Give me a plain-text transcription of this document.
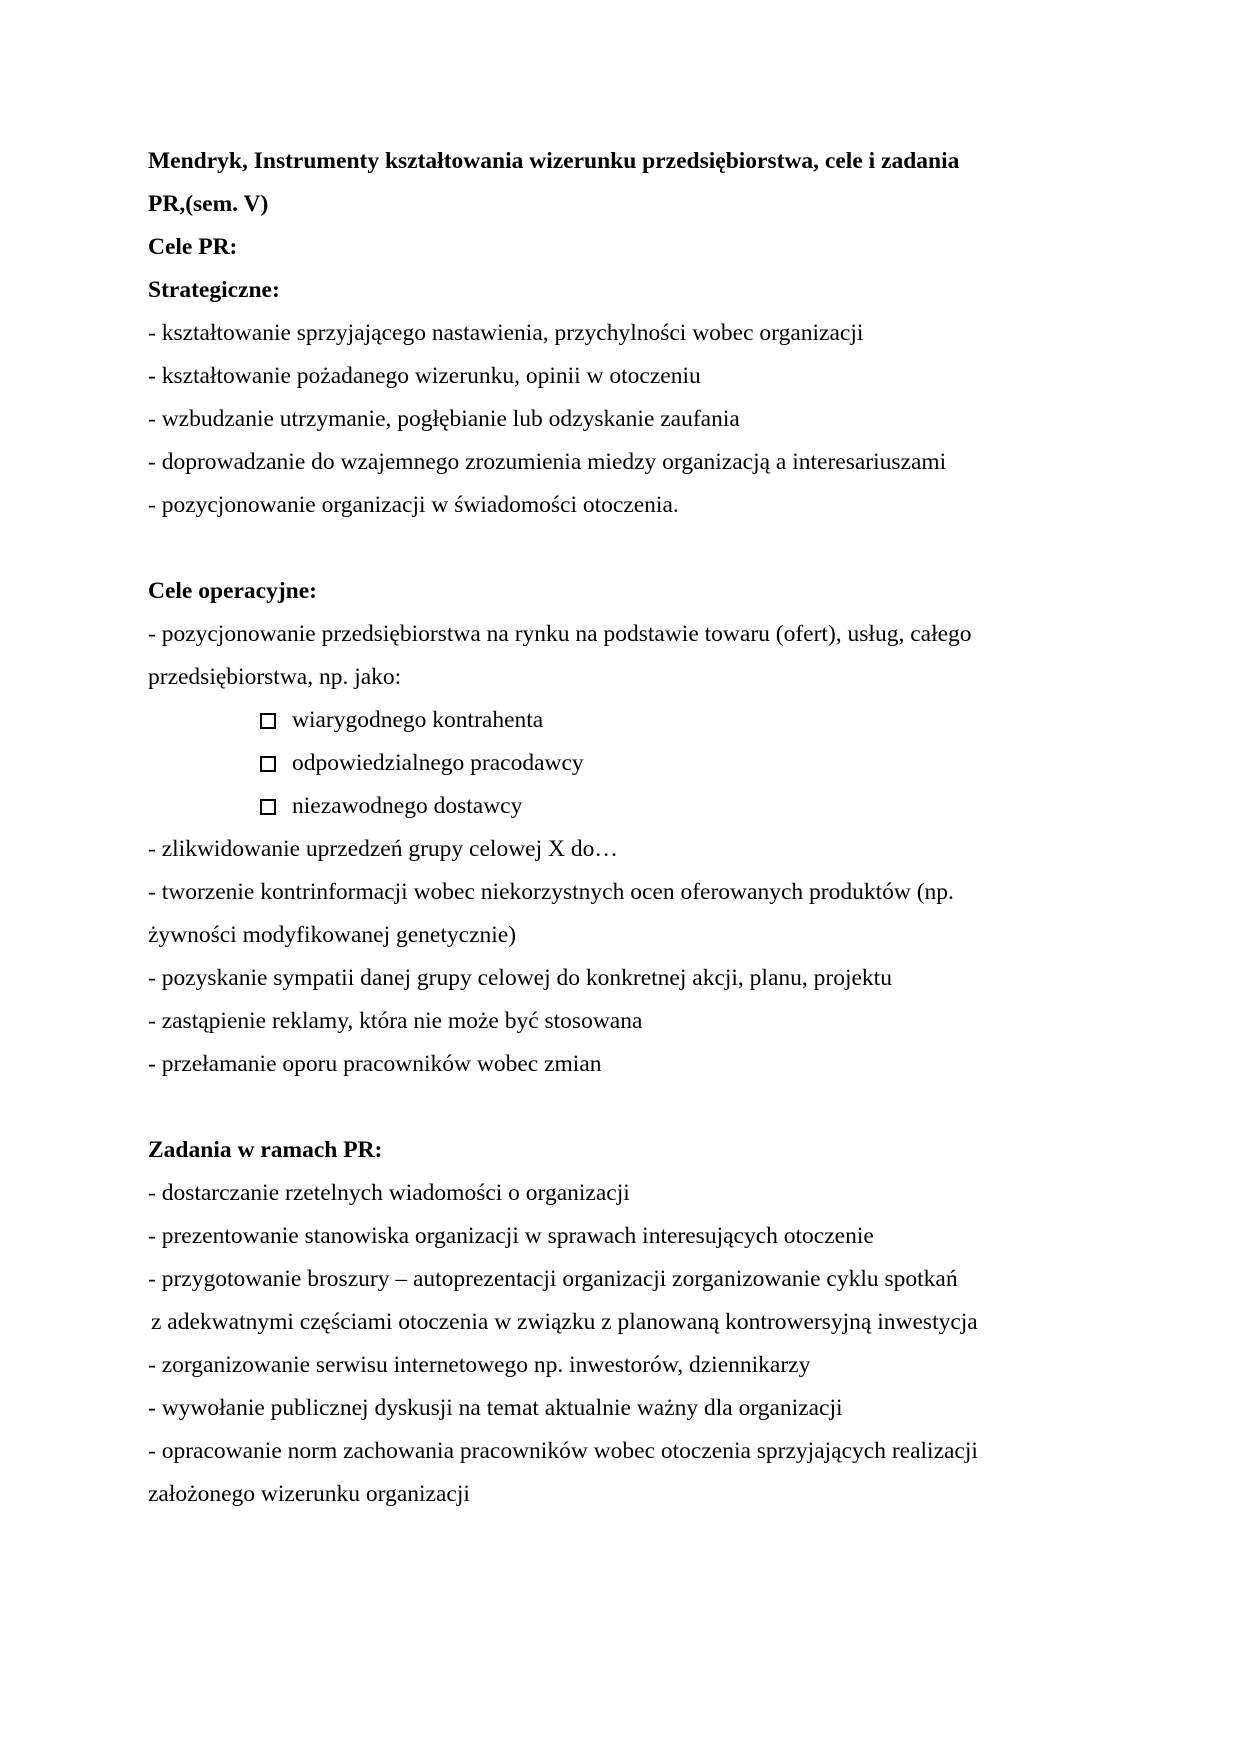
Mendryk, Instrumenty kształtowania wizerunku przedsiębiorstwa, cele i zadania
PR,(sem. V)
Cele PR:
Strategiczne:
- kształtowanie sprzyjającego nastawienia, przychylności wobec organizacji
- kształtowanie pożadanego wizerunku, opinii w otoczeniu
- wzbudzanie utrzymanie, pogłębianie lub odzyskanie zaufania
- doprowadzanie do wzajemnego zrozumienia miedzy organizacją a interesariuszami
- pozycjonowanie organizacji w świadomości otoczenia.
Cele operacyjne:
- pozycjonowanie przedsiębiorstwa na rynku na podstawie towaru (ofert), usług, całego
przedsiębiorstwa, np. jako:
wiarygodnego kontrahenta
odpowiedzialnego pracodawcy
niezawodnego dostawcy
- zlikwidowanie uprzedzeń grupy celowej X do…
- tworzenie kontrinformacji wobec niekorzystnych ocen oferowanych produktów (np.
żywności modyfikowanej genetycznie)
- pozyskanie sympatii danej grupy celowej do konkretnej akcji, planu, projektu
- zastąpienie reklamy, która nie może być stosowana
- przełamanie oporu pracowników wobec zmian
Zadania w ramach PR:
- dostarczanie rzetelnych wiadomości o organizacji
- prezentowanie stanowiska organizacji w sprawach interesujących otoczenie
- przygotowanie broszury – autoprezentacji organizacji zorganizowanie cyklu spotkań
z adekwatnymi częściami otoczenia w związku z planowaną kontrowersyjną inwestycja
- zorganizowanie serwisu internetowego np. inwestorów, dziennikarzy
- wywołanie publicznej dyskusji na temat aktualnie ważny dla organizacji
- opracowanie norm zachowania pracowników wobec otoczenia sprzyjających realizacji
założonego wizerunku organizacji
